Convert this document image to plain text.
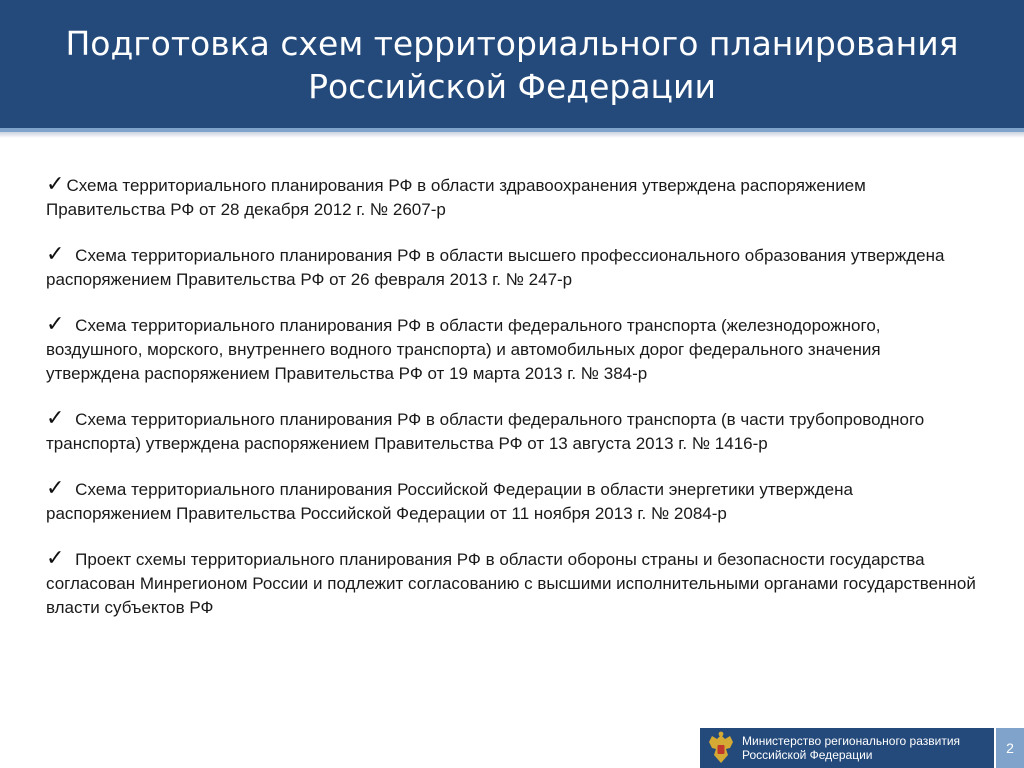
Подготовка схем территориального планирования
Российской Федерации
✓ Схема территориального планирования РФ в области здравоохранения утверждена распоряжением Правительства РФ от 28 декабря 2012 г. № 2607-р
✓ Схема территориального планирования РФ в области высшего профессионального образования утверждена распоряжением Правительства РФ от 26 февраля 2013 г. № 247-р
✓ Схема территориального планирования РФ в области федерального транспорта (железнодорожного, воздушного, морского, внутреннего водного транспорта) и автомобильных дорог федерального значения утверждена распоряжением Правительства РФ от 19 марта 2013 г. № 384-р
✓ Схема территориального планирования РФ в области федерального транспорта (в части трубопроводного транспорта) утверждена распоряжением Правительства РФ от 13 августа 2013 г. № 1416-р
✓ Схема территориального планирования Российской Федерации в области энергетики утверждена распоряжением Правительства Российской Федерации от 11 ноября 2013 г. № 2084-р
✓ Проект схемы территориального планирования РФ в области обороны страны и безопасности государства согласован Минрегионом России и подлежит согласованию с высшими исполнительными органами государственной власти субъектов РФ
Министерство регионального развития
Российской Федерации	2
